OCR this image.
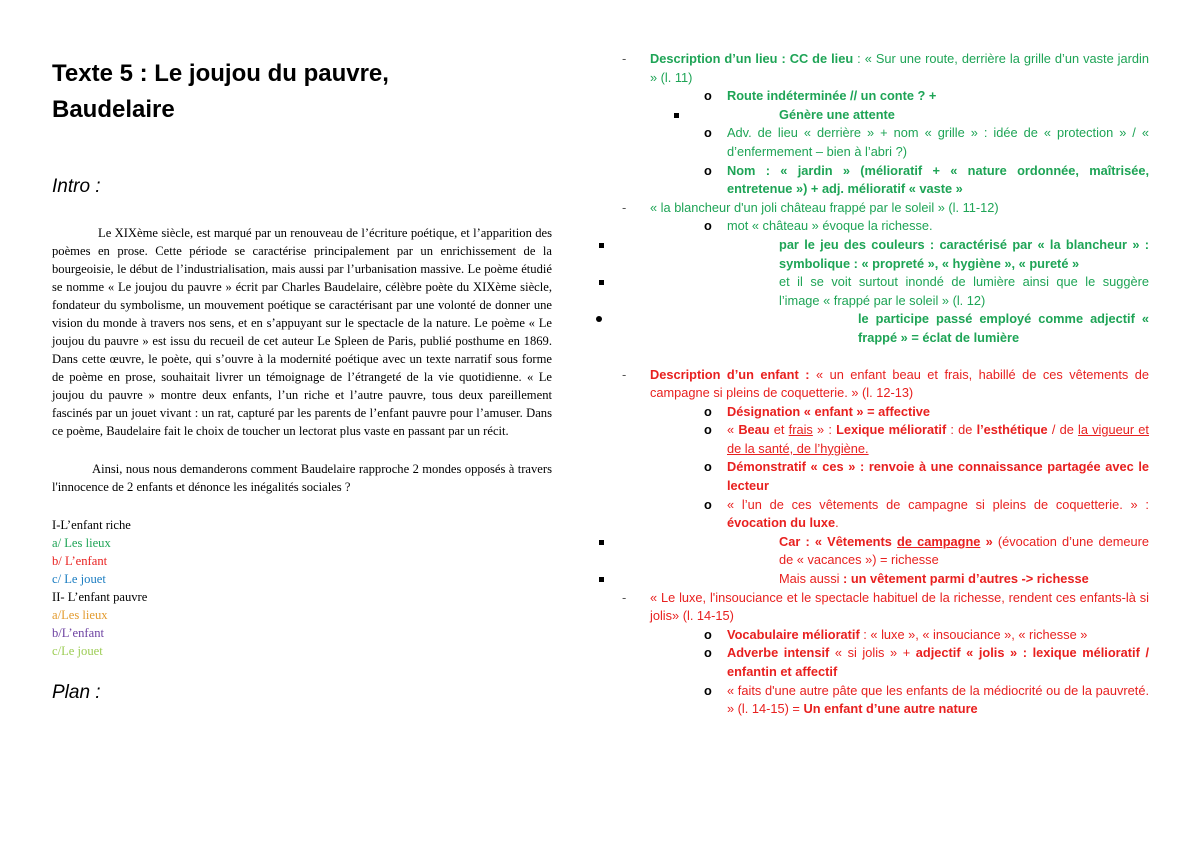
Texte 5 : Le joujou du pauvre,
Baudelaire

Intro :

Le XIXème siècle, est marqué par un renouveau de l’écriture poétique, et l’apparition des poèmes en prose. Cette période se caractérise principalement par un enrichissement de la bourgeoisie, le début de l’industrialisation, mais aussi par l’urbanisation massive. Le poème étudié se nomme « Le joujou du pauvre » écrit par Charles Baudelaire, célèbre poète du XIXème siècle, fondateur du symbolisme, un mouvement poétique se caractérisant par une volonté de donner une vision du monde à travers nos sens, et en s’appuyant sur le spectacle de la nature. Le poème « Le joujou du pauvre » est issu du recueil de cet auteur Le Spleen de Paris, publié posthume en 1869. Dans cette œuvre, le poète, qui s’ouvre à la modernité poétique avec un texte narratif sous forme de poème en prose, souhaitait livrer un témoignage de l’étrangeté de la vie quotidienne. « Le joujou du pauvre » montre deux enfants, l’un riche et l’autre pauvre, tous deux pareillement fascinés par un jouet vivant : un rat, capturé par les parents de l’enfant pauvre pour l’amuser. Dans ce poème, Baudelaire fait le choix de toucher un lectorat plus vaste en passant par un récit.

Ainsi, nous nous demanderons comment Baudelaire rapproche 2 mondes opposés à travers l'innocence de 2 enfants et dénonce les inégalités sociales ?

I-L’enfant riche
a/ Les lieux
b/ L’enfant
c/ Le jouet
II- L’enfant pauvre
a/Les lieux
b/L’enfant
c/Le jouet

Plan :

- Description d’un lieu : CC de lieu : « Sur une route, derrière la grille d’un vaste jardin » (l. 11)
o Route indéterminée // un conte ? +
Génère une attente
o Adv. de lieu « derrière » + nom « grille » : idée de « protection » / « d’enfermement – bien à l’abri ?)
o Nom : « jardin » (mélioratif + « nature ordonnée, maîtrisée, entretenue ») + adj. mélioratif « vaste »
- « la blancheur d'un joli château frappé par le soleil » (l. 11-12)
o mot « château » évoque la richesse.
par le jeu des couleurs : caractérisé par « la blancheur » : symbolique : « propreté », « hygiène », « pureté »
et il se voit surtout inondé de lumière ainsi que le suggère l’image « frappé par le soleil » (l. 12)
le participe passé employé comme adjectif « frappé » = éclat de lumière
- Description d’un enfant : « un enfant beau et frais, habillé de ces vêtements de campagne si pleins de coquetterie. » (l. 12-13)
o Désignation « enfant » = affective
o « Beau et frais » : Lexique mélioratif : de l’esthétique / de la vigueur et de la santé, de l’hygiène.
o Démonstratif « ces » : renvoie à une connaissance partagée avec le lecteur
o « l’un de ces vêtements de campagne si pleins de coquetterie. » : évocation du luxe.
Car : « Vêtements de campagne » (évocation d’une demeure de « vacances ») = richesse
Mais aussi : un vêtement parmi d’autres -> richesse
- « Le luxe, l'insouciance et le spectacle habituel de la richesse, rendent ces enfants-là si jolis» (l. 14-15)
o Vocabulaire mélioratif : « luxe », « insouciance », « richesse »
o Adverbe intensif « si jolis » + adjectif « jolis » : lexique mélioratif / enfantin et affectif
o « faits d'une autre pâte que les enfants de la médiocrité ou de la pauvreté. » (l. 14-15) = Un enfant d’une autre nature
